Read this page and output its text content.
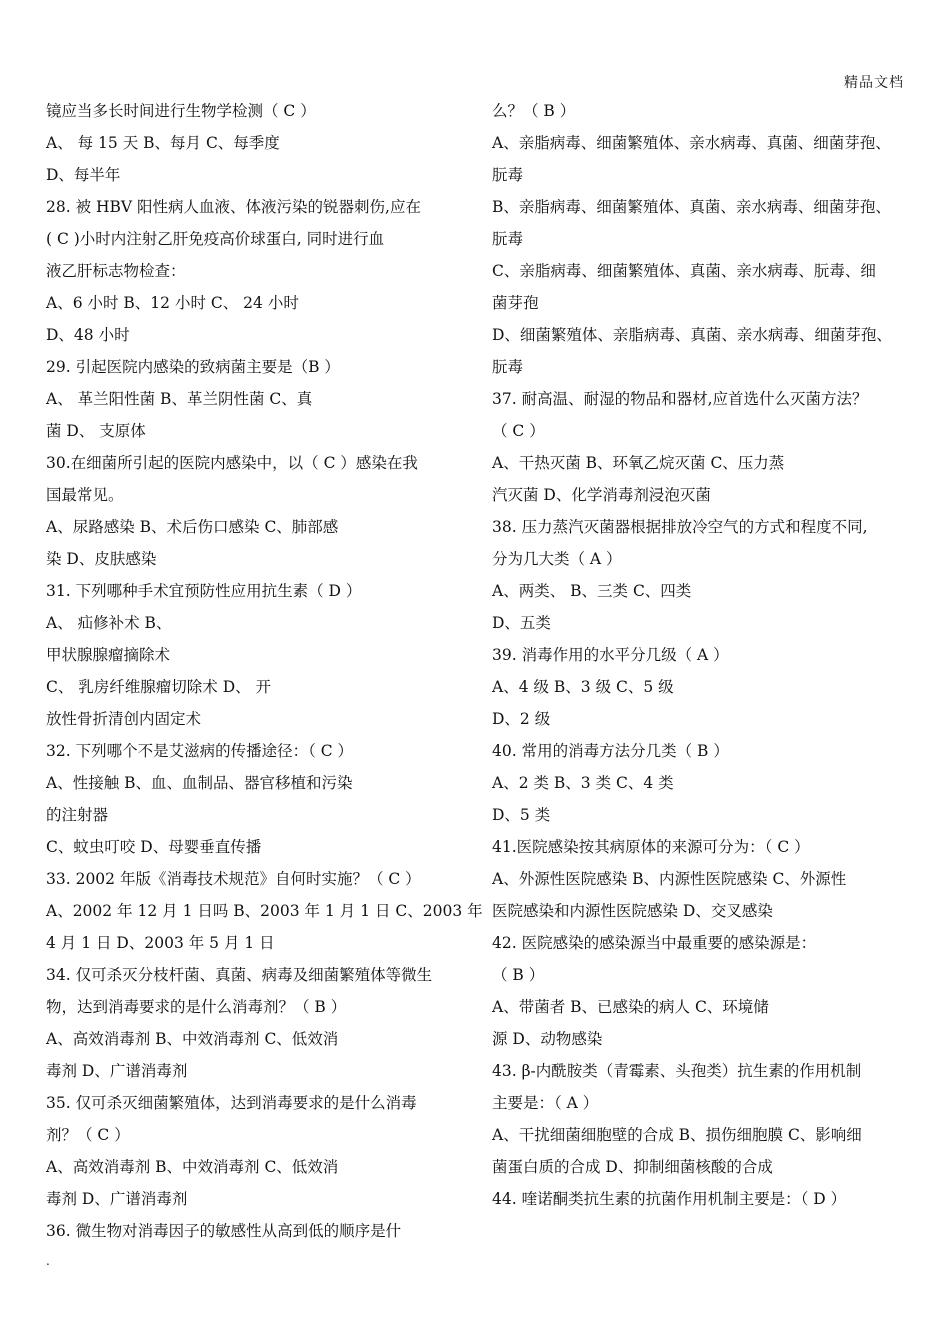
精品文档
镜应当多长时间进行生物学检测（ C ）
A、 每 15 天 B、每月 C、每季度
D、每半年
28. 被 HBV 阳性病人血液、体液污染的锐器刺伤,应在
( C )小时内注射乙肝免疫高价球蛋白, 同时进行血
液乙肝标志物检查：
A、6 小时 B、12 小时 C、 24 小时
D、48 小时
29. 引起医院内感染的致病菌主要是（B ）
A、 革兰阳性菌 B、革兰阴性菌 C、真
菌 D、 支原体
30.在细菌所引起的医院内感染中，以（ C ）感染在我
国最常见。
A、尿路感染 B、术后伤口感染 C、肺部感
染 D、皮肤感染
31. 下列哪种手术宜预防性应用抗生素（ D ）
A、 疝修补术 B、
甲状腺腺瘤摘除术
C、 乳房纤维腺瘤切除术 D、 开
放性骨折清创内固定术
32. 下列哪个不是艾滋病的传播途径：（ C ）
A、性接触 B、血、血制品、器官移植和污染
的注射器
C、蚊虫叮咬 D、母婴垂直传播
33. 2002 年版《消毒技术规范》自何时实施？（ C ）
A、2002 年 12 月 1 日吗 B、2003 年 1 月 1 日 C、2003 年
4 月 1 日 D、2003 年 5 月 1 日
34. 仅可杀灭分枝杆菌、真菌、病毒及细菌繁殖体等微生
物，达到消毒要求的是什么消毒剂？（ B ）
A、高效消毒剂 B、中效消毒剂 C、低效消
毒剂 D、广谱消毒剂
35. 仅可杀灭细菌繁殖体，达到消毒要求的是什么消毒
剂？（ C ）
A、高效消毒剂 B、中效消毒剂 C、低效消
毒剂 D、广谱消毒剂
36. 微生物对消毒因子的敏感性从高到低的顺序是什
么？（ B ）
A、亲脂病毒、细菌繁殖体、亲水病毒、真菌、细菌芽孢、
朊毒
B、亲脂病毒、细菌繁殖体、真菌、亲水病毒、细菌芽孢、
朊毒
C、亲脂病毒、细菌繁殖体、真菌、亲水病毒、朊毒、细
菌芽孢
D、细菌繁殖体、亲脂病毒、真菌、亲水病毒、细菌芽孢、
朊毒
37. 耐高温、耐湿的物品和器材,应首选什么灭菌方法？
（ C ）
A、干热灭菌 B、环氧乙烷灭菌 C、压力蒸
汽灭菌 D、化学消毒剂浸泡灭菌
38. 压力蒸汽灭菌器根据排放冷空气的方式和程度不同,
分为几大类（ A ）
A、两类、 B、三类 C、四类
D、五类
39. 消毒作用的水平分几级（ A ）
A、4 级 B、3 级 C、5 级
D、2 级
40. 常用的消毒方法分几类（ B ）
A、2 类 B、3 类 C、4 类
D、5 类
41.医院感染按其病原体的来源可分为：（ C ）
A、外源性医院感染 B、内源性医院感染 C、外源性
医院感染和内源性医院感染 D、交叉感染
42. 医院感染的感染源当中最重要的感染源是：
（ B ）
A、带菌者 B、已感染的病人 C、环境储
源 D、动物感染
43. β-内酰胺类（青霉素、头孢类）抗生素的作用机制
主要是：（ A ）
A、干扰细菌细胞壁的合成 B、损伤细胞膜 C、影响细
菌蛋白质的合成 D、抑制细菌核酸的合成
44. 喹诺酮类抗生素的抗菌作用机制主要是：（ D ）
.
